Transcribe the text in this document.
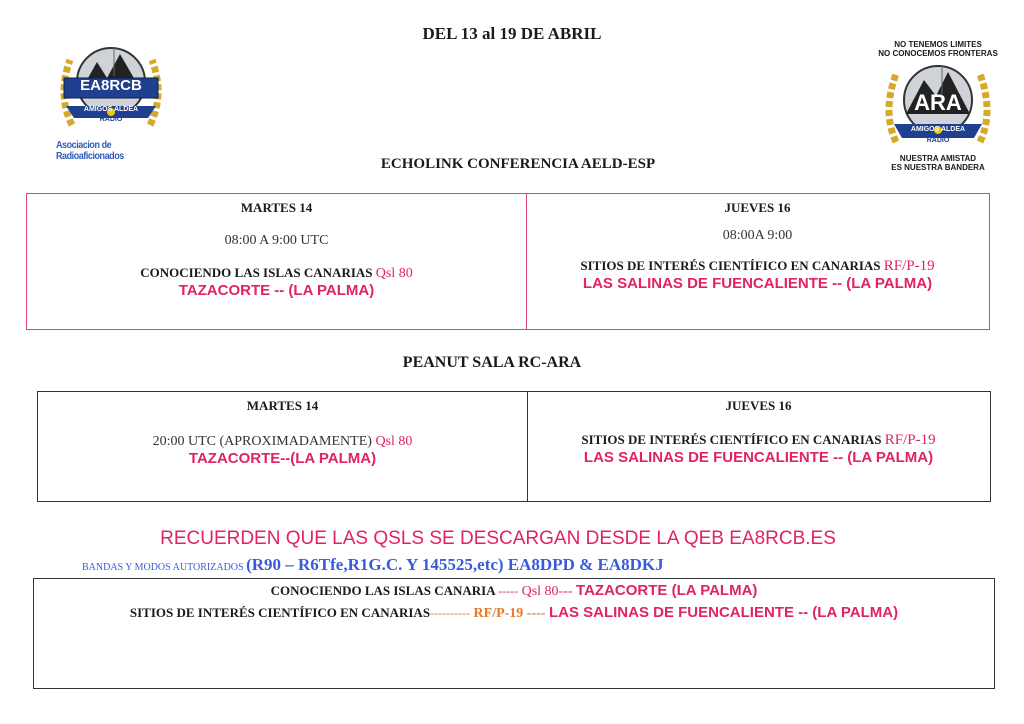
DEL 13 al 19 DE ABRIL
EA8RCB
AMIGOS ALDEA
RADIO
Asociacion de Radioaficionados
NO TENEMOS LIMITES
NO CONOCEMOS FRONTERAS
ARA
AMIGOS ALDEA
RADIO
NUESTRA AMISTAD
ES NUESTRA BANDERA
ECHOLINK CONFERENCIA AELD-ESP
MARTES 14
08:00 A 9:00 UTC
CONOCIENDO LAS ISLAS CANARIAS Qsl 80
TAZACORTE -- (LA PALMA)
JUEVES 16
08:00A 9:00
SITIOS DE INTERÉS CIENTÍFICO EN CANARIAS RF/P-19
LAS SALINAS DE FUENCALIENTE -- (LA PALMA)
PEANUT SALA RC-ARA
MARTES 14
20:00 UTC (APROXIMADAMENTE) Qsl 80
TAZACORTE--(LA PALMA)
JUEVES 16
SITIOS DE INTERÉS CIENTÍFICO EN CANARIAS RF/P-19
LAS SALINAS DE FUENCALIENTE -- (LA PALMA)
RECUERDEN QUE LAS QSLS SE DESCARGAN DESDE LA QEB EA8RCB.ES
BANDAS Y MODOS AUTORIZADOS (R90 – R6Tfe,R1G.C. Y 145525,etc) EA8DPD & EA8DKJ
CONOCIENDO LAS ISLAS CANARIA ----- Qsl 80--- TAZACORTE (LA PALMA)
SITIOS DE INTERÉS CIENTÍFICO EN CANARIAS---------- RF/P-19 ---- LAS SALINAS DE FUENCALIENTE -- (LA PALMA)
